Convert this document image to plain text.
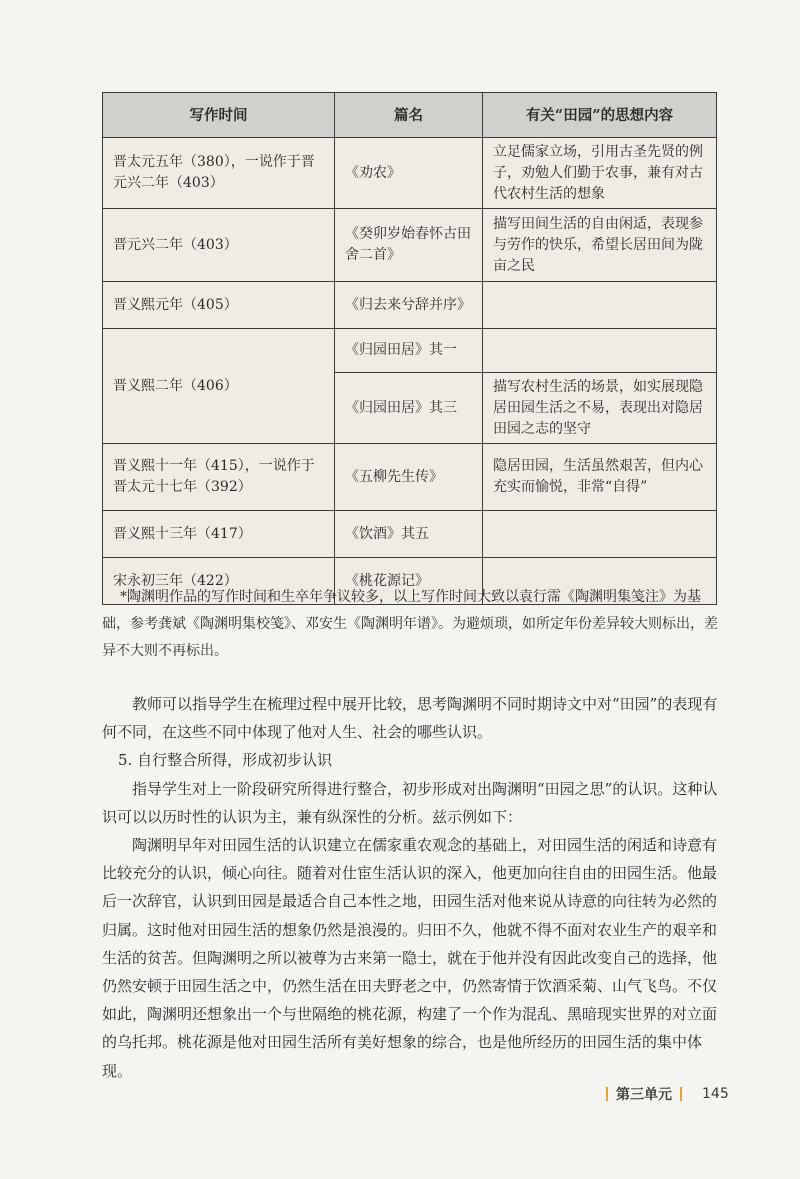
写作时间	篇名	有关“田园”的思想内容
晋太元五年（380），一说作于晋元兴二年（403）	《劝农》	立足儒家立场，引用古圣先贤的例子，劝勉人们勤于农事，兼有对古代农村生活的想象
晋元兴二年（403）	《癸卯岁始春怀古田舍二首》	描写田间生活的自由闲适，表现参与劳作的快乐，希望长居田间为陇亩之民
晋义熙元年（405）	《归去来兮辞并序》	
晋义熙二年（406）	《归园田居》其一	
	《归园田居》其三	描写农村生活的场景，如实展现隐居田园生活之不易，表现出对隐居田园之志的坚守
晋义熙十一年（415），一说作于晋太元十七年（392）	《五柳先生传》	隐居田园，生活虽然艰苦，但内心充实而愉悦，非常“自得”
晋义熙十三年（417）	《饮酒》其五	
宋永初三年（422）	《桃花源记》	
*陶渊明作品的写作时间和生卒年争议较多，以上写作时间大致以袁行霈《陶渊明集笺注》为基础，参考龚斌《陶渊明集校笺》、邓安生《陶渊明年谱》。为避烦琐，如所定年份差异较大则标出，差异不大则不再标出。

教师可以指导学生在梳理过程中展开比较，思考陶渊明不同时期诗文中对“田园”的表现有何不同，在这些不同中体现了他对人生、社会的哪些认识。

5. 自行整合所得，形成初步认识

指导学生对上一阶段研究所得进行整合，初步形成对出陶渊明“田园之思”的认识。这种认识可以以历时性的认识为主，兼有纵深性的分析。兹示例如下：

陶渊明早年对田园生活的认识建立在儒家重农观念的基础上，对田园生活的闲适和诗意有比较充分的认识，倾心向往。随着对仕宦生活认识的深入，他更加向往自由的田园生活。他最后一次辞官，认识到田园是最适合自己本性之地，田园生活对他来说从诗意的向往转为必然的归属。这时他对田园生活的想象仍然是浪漫的。归田不久，他就不得不面对农业生产的艰辛和生活的贫苦。但陶渊明之所以被尊为古来第一隐士，就在于他并没有因此改变自己的选择，他仍然安顿于田园生活之中，仍然生活在田夫野老之中，仍然寄情于饮酒采菊、山气飞鸟。不仅如此，陶渊明还想象出一个与世隔绝的桃花源，构建了一个作为混乱、黑暗现实世界的对立面的乌托邦。桃花源是他对田园生活所有美好想象的综合，也是他所经历的田园生活的集中体现。

第三单元 145
